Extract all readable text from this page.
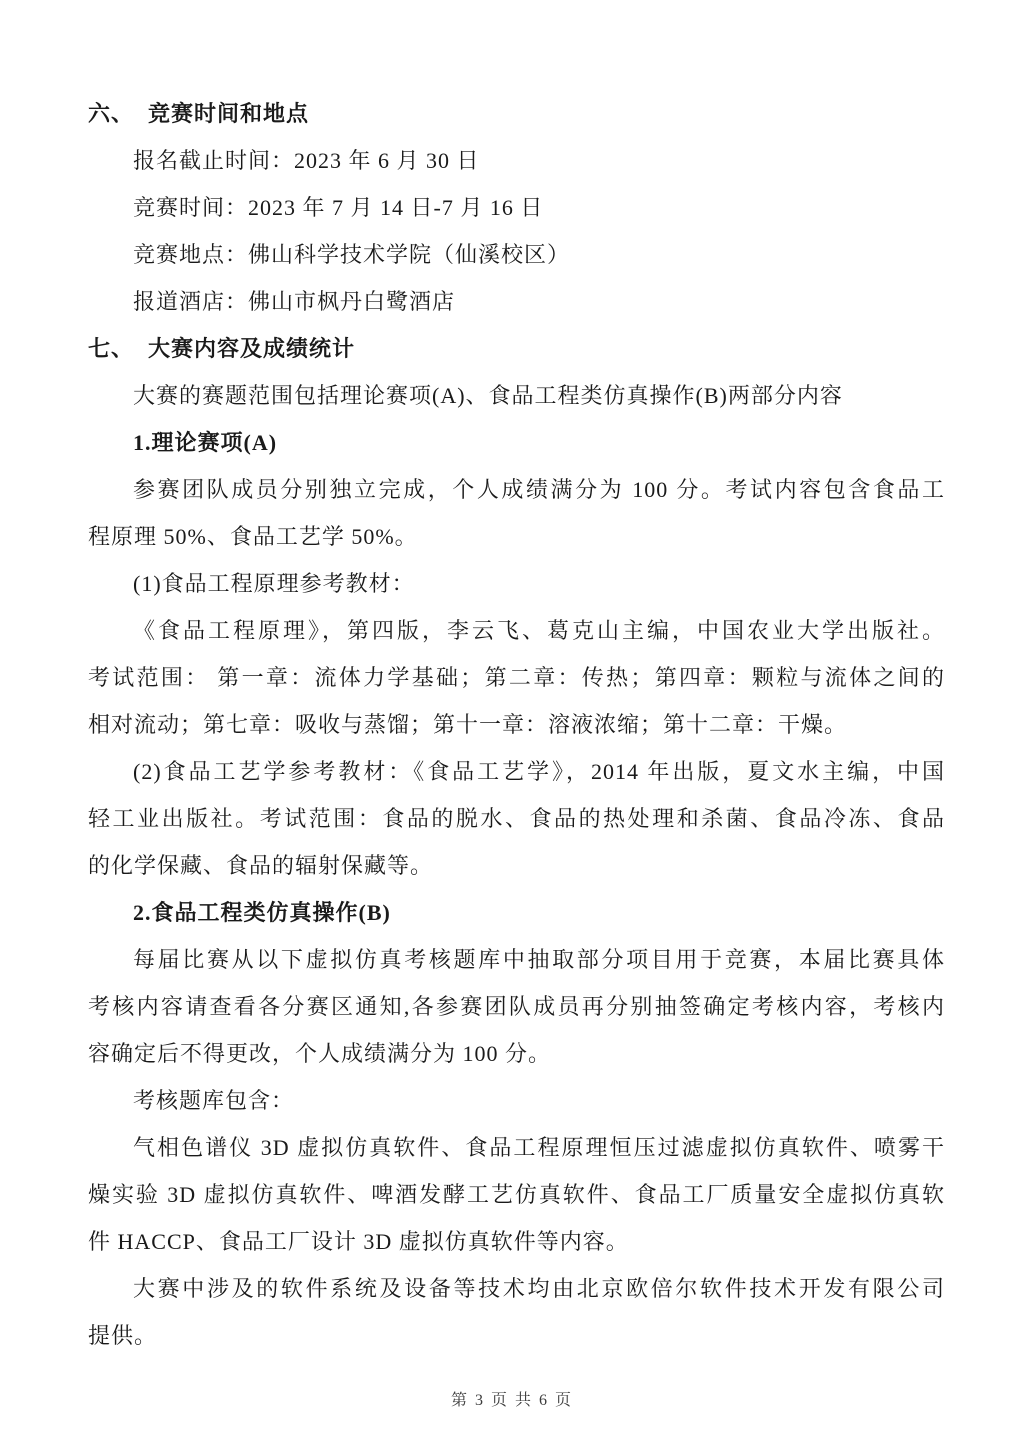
六、 竞赛时间和地点
报名截止时间：2023 年 6 月 30 日
竞赛时间：2023 年 7 月 14 日-7 月 16 日
竞赛地点：佛山科学技术学院（仙溪校区）
报道酒店：佛山市枫丹白鹭酒店
七、 大赛内容及成绩统计
大赛的赛题范围包括理论赛项(A)、食品工程类仿真操作(B)两部分内容
1.理论赛项(A)
参赛团队成员分别独立完成，个人成绩满分为 100 分。考试内容包含食品工
程原理 50%、食品工艺学 50%。
(1)食品工程原理参考教材：
《食品工程原理》，第四版，李云飞、葛克山主编，中国农业大学出版社。
考试范围： 第一章：流体力学基础；第二章：传热；第四章：颗粒与流体之间的
相对流动；第七章：吸收与蒸馏；第十一章：溶液浓缩；第十二章：干燥。
(2)食品工艺学参考教材：《食品工艺学》，2014 年出版，夏文水主编，中国
轻工业出版社。考试范围：食品的脱水、食品的热处理和杀菌、食品冷冻、食品
的化学保藏、食品的辐射保藏等。
2.食品工程类仿真操作(B)
每届比赛从以下虚拟仿真考核题库中抽取部分项目用于竞赛，本届比赛具体
考核内容请查看各分赛区通知,各参赛团队成员再分别抽签确定考核内容，考核内
容确定后不得更改，个人成绩满分为 100 分。
考核题库包含：
气相色谱仪 3D 虚拟仿真软件、食品工程原理恒压过滤虚拟仿真软件、喷雾干
燥实验 3D 虚拟仿真软件、啤酒发酵工艺仿真软件、食品工厂质量安全虚拟仿真软
件 HACCP、食品工厂设计 3D 虚拟仿真软件等内容。
大赛中涉及的软件系统及设备等技术均由北京欧倍尔软件技术开发有限公司
提供。
第 3 页 共 6 页
